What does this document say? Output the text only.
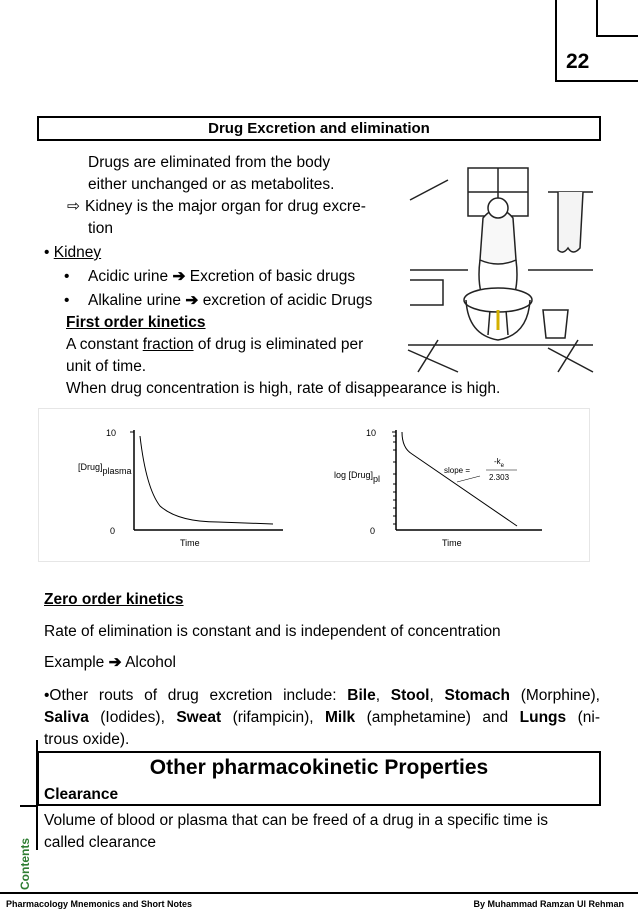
22
Drug Excretion and elimination
Drugs are eliminated from the body
either unchanged or as metabolites.
⇨ Kidney is the major organ for drug excre-
tion
• Kidney
• Acidic urine ➔ Excretion of basic drugs
• Alkaline urine ➔ excretion of acidic Drugs
First order kinetics
A constant fraction of drug is eliminated per
unit of time.
When drug concentration is high, rate of disappearance is high.
10
0
[Drug]plasma
Time
10
0
log [Drug]pl
Time
slope =
$-k_e$
2.303
Zero order kinetics
Rate of elimination is constant and is independent of concentration
Example ➔ Alcohol
•Other routs of drug excretion include: Bile, Stool, Stomach (Morphine),
Saliva (Iodides), Sweat (rifampicin), Milk (amphetamine) and Lungs (ni-
trous oxide).
Other pharmacokinetic Properties
Clearance
Volume of blood or plasma that can be freed of a drug in a specific time is
called clearance
Contents
Pharmacology Mnemonics and Short Notes	By Muhammad Ramzan Ul Rehman
